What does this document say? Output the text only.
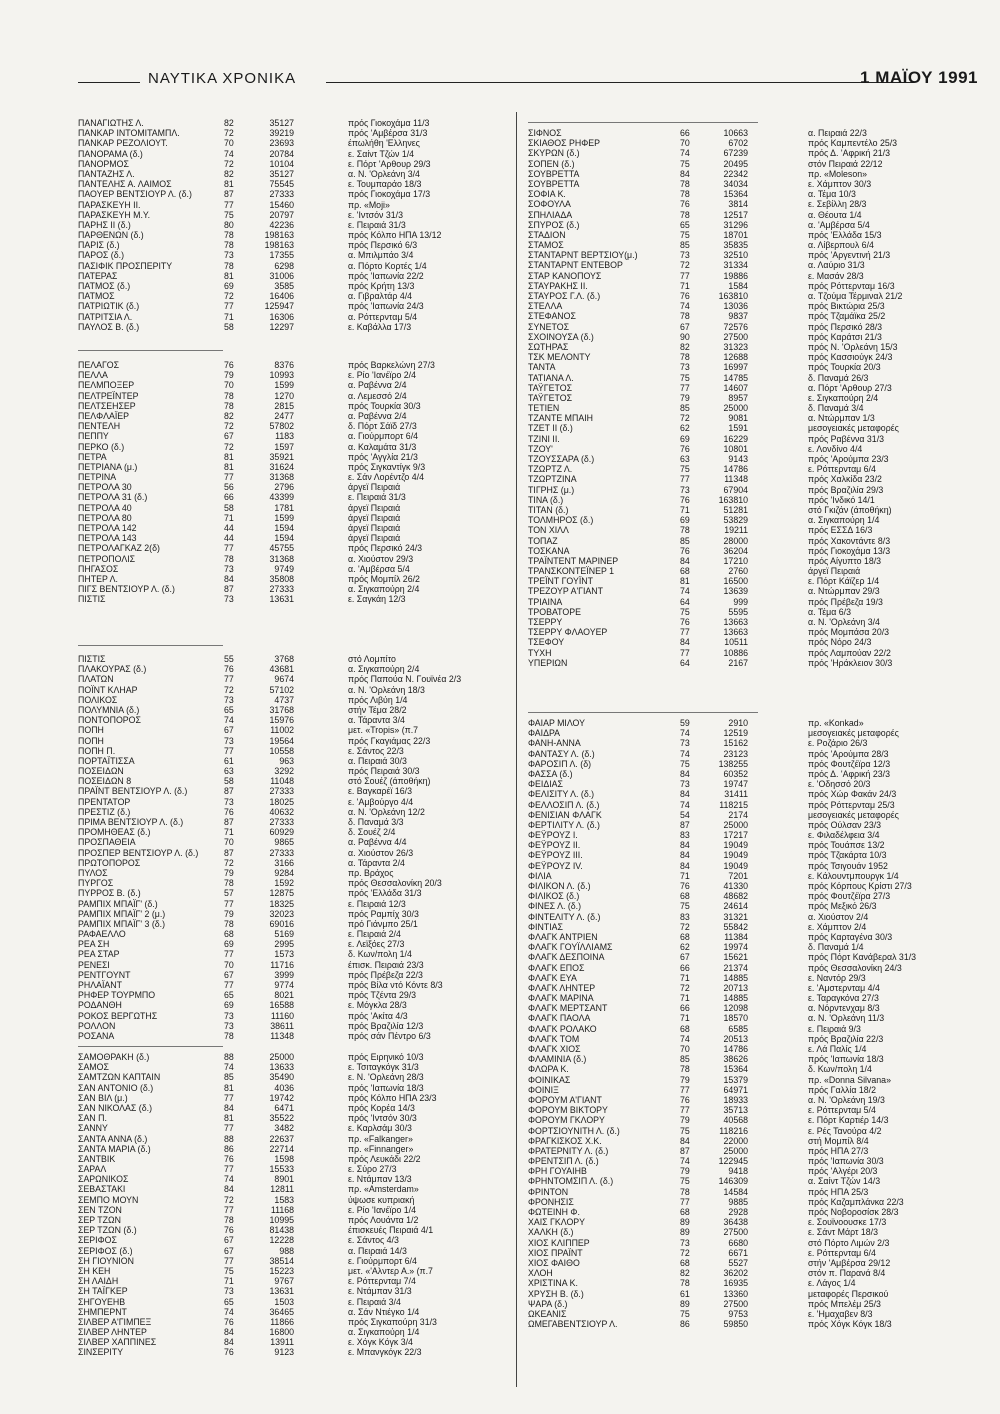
ΝΑΥΤΙΚΑ ΧΡΟΝΙΚΑ	1 ΜΑΪΟΥ 1991
ΠΑΝΑΓΙΩΤΗΣ Λ.	82	35127	πρός Γιοκοχάμα 11/3
ΠΑΝΚΑΡ ΙΝΤΟΜΙΤΑΜΠΛ.	72	39219	πρός 'Αμβέρσα 31/3
ΠΑΝΚΑΡ ΡΕΖΟΛΙΟΥΤ.	70	23693	έπωλήθη 'Ελληνες
ΠΑΝΟΡΑΜΑ (δ.)	74	20784	ε. Σαίντ Τζών 1/4
ΠΑΝΟΡΜΟΣ	72	10104	ε. Πόρτ 'Αρθουρ 29/3
ΠΑΝΤΑΖΗΣ Λ.	82	35127	α. Ν. 'Ορλεάνη 3/4
ΠΑΝΤΕΛΗΣ Α. ΛΑΙΜΟΣ	81	75545	ε. Τουμπαράο 18/3
ΠΑΟΥΕΡ ΒΕΝΤΣΙΟΥΡ Λ. (δ.)	87	27333	πρός Γιοκοχάμα 17/3
ΠΑΡΑΣΚΕΥΗ ΙΙ.	77	15460	πρ. «Moji»
ΠΑΡΑΣΚΕΥΗ Μ.Υ.	75	20797	ε. 'Ιντσόν 31/3
ΠΑΡΗΣ ΙΙ (δ.)	80	42236	ε. Πειραιά 31/3
ΠΑΡΘΕΝΩΝ (δ.)	78	198163	πρός Κόλπο ΗΠΑ 13/12
ΠΑΡΙΣ (δ.)	78	198163	πρός Περσικό 6/3
ΠΑΡΟΣ (δ.)	73	17355	α. Μπιλμπάο 3/4
ΠΑΣΙΦΙΚ ΠΡΟΣΠΕΡΙΤΥ	78	6298	α. Πόρτο Κορτές 1/4
ΠΑΤΕΡΑΣ	81	31006	πρός 'Ιαπωνία 22/2
ΠΑΤΜΟΣ (δ.)	69	3585	πρός Κρήτη 13/3
ΠΑΤΜΟΣ	72	16406	α. Γιβραλτάρ 4/4
ΠΑΤΡΙΩΤΙΚ (δ.)	77	125947	πρός 'Ιαπωνία 24/3
ΠΑΤΡΙΤΣΙΑ Λ.	71	16306	α. Ρόττερνταμ 5/4
ΠΑΥΛΟΣ Β. (δ.)	58	12297	ε. Καβάλλα 17/3
ΠΕΛΑΓΟΣ	76	8376	πρός Βαρκελώνη 27/3
ΠΕΛΛΑ	79	10993	ε. Ρίο 'Ιανέϊρο 2/4
ΠΕΛΜΠΟΞΕΡ	70	1599	α. Ραβέννα 2/4
ΠΕΛΤΡΕΪΝΤΕΡ	78	1270	α. Λεμεσσό 2/4
ΠΕΛΤΣΕΗΣΕΡ	78	2815	πρός Τουρκία 30/3
ΠΕΛΦΛΑΪΕΡ	82	2477	α. Ραβέννα 2/4
ΠΕΝΤΕΛΗ	72	57802	δ. Πόρτ Σάϊδ 27/3
ΠΕΠΠΥ	67	1183	α. Γιούρμπορτ 6/4
ΠΕΡΚΟ (δ.)	72	1597	α. Καλαμάτα 31/3
ΠΕΤΡΑ	81	35921	πρός 'Αγγλία 21/3
ΠΕΤΡΙΑΝΑ (μ.)	81	31624	πρός Σιγκαντίγκ 9/3
ΠΕΤΡΙΝΑ	77	31368	ε. Σάν Λορέντζο 4/4
ΠΕΤΡΟΛΑ 30	56	2796	άργεϊ Πειραιά
ΠΕΤΡΟΛΑ 31 (δ.)	66	43399	ε. Πειραιά 31/3
ΠΕΤΡΟΛΑ 40	58	1781	άργεϊ Πειραιά
ΠΕΤΡΟΛΑ 80	71	1599	άργεϊ Πειραιά
ΠΕΤΡΟΛΑ 142	44	1594	άργεϊ Πειραιά
ΠΕΤΡΟΛΑ 143	44	1594	άργεϊ Πειραιά
ΠΕΤΡΟΛΑΓΚΑΖ 2(δ)	77	45755	πρός Περσικό 24/3
ΠΕΤΡΟΠΟΛΙΣ	78	31368	α. Χιούστον 29/3
ΠΗΓΑΣΟΣ	73	9749	α. 'Αμβέρσα 5/4
ΠΗΤΕΡ Λ.	84	35808	πρός Μομπίλ 26/2
ΠΙΓΣ ΒΕΝΤΣΙΟΥΡ Λ. (δ.)	87	27333	α. Σιγκαπούρη 2/4
ΠΙΣΤΙΣ	73	13631	ε. Σαγκάη 12/3
ΠΙΣΤΙΣ	55	3768	στό Λομπίτο
ΠΛΑΚΟΥΡΑΣ (δ.)	76	43681	α. Σιγκαπούρη 2/4
ΠΛΑΤΩΝ	77	9674	πρός Παπούα Ν. Γουϊνέα 2/3
ΠΟΪΝΤ ΚΛΗΑΡ	72	57102	α. Ν. 'Ορλεάνη 18/3
ΠΟΛΙΚΟΣ	73	4737	πρός Λιβύη 1/4
ΠΟΛΥΜΝΙΑ (δ.)	65	31768	στήν Τέμα 28/2
ΠΟΝΤΟΠΟΡΟΣ	74	15976	α. Τάραντα 3/4
ΠΟΠΗ	67	11002	μετ. «Tropis» (π.7
ΠΟΠΗ	73	19564	πρός Γκαγιάμας 22/3
ΠΟΠΗ Π.	77	10558	ε. Σάντος 22/3
ΠΟΡΤΑΪΤΙΣΣΑ	61	963	α. Πειραιά 30/3
ΠΟΣΕΙΔΩΝ	63	3292	πρός Πειραιά 30/3
ΠΟΣΕΙΔΩΝ 8	58	11048	στό Σουέζ (άποθήκη)
ΠΡΑΪΝΤ ΒΕΝΤΣΙΟΥΡ Λ. (δ.)	87	27333	ε. Βαγκαρέϊ 16/3
ΠΡΕΝΤΑΤΟΡ	73	18025	ε. 'Αμβούργο 4/4
ΠΡΕΣΤΙΖ (δ.)	76	40632	α. Ν. 'Ορλεάνη 12/2
ΠΡΙΜΑ ΒΕΝΤΣΙΟΥΡ Λ. (δ.)	87	27333	δ. Παναμά 3/3
ΠΡΟΜΗΘΕΑΣ (δ.)	71	60929	δ. Σουέζ 2/4
ΠΡΟΣΠΑΘΕΙΑ	70	9865	α. Ραβέννα 4/4
ΠΡΟΣΠΕΡ ΒΕΝΤΣΙΟΥΡ Λ. (δ.)	87	27333	α. Χιούστον 26/3
ΠΡΩΤΟΠΟΡΟΣ	72	3166	α. Τάραντα 2/4
ΠΥΛΟΣ	79	9284	πρ. Βράχος
ΠΥΡΓΟΣ	78	1592	πρός Θεσσαλονίκη 20/3
ΠΥΡΡΟΣ Β. (δ.)	57	12875	πρός 'Ελλάδα 31/3
ΡΑΜΠΙΧ ΜΠΑΪΓ' (δ.)	77	18325	ε. Πειραιά 12/3
ΡΑΜΠΙΧ ΜΠΑΪΓ' 2 (μ.)	79	32023	πρός Ραμπίχ 30/3
ΡΑΜΠΙΧ ΜΠΑΪΓ' 3 (δ.)	78	69016	πρό Γιάνμπο 25/1
ΡΑΦΑΕΛΛΟ	68	5169	ε. Πειραιά 2/4
ΡΕΑ ΣΗ	69	2995	ε. Λεϊξόες 27/3
ΡΕΑ ΣΤΑΡ	77	1573	δ. Κων/πολη 1/4
ΡΕΝΕΣΙ	70	11716	έπισκ. Πειραιά 23/3
ΡΕΝΤΓΟΥΝΤ	67	3999	πρός Πρέβεζα 22/3
ΡΗΛΑΪΑΝΤ	77	9774	πρός Βίλα ντό Κόντε 8/3
ΡΗΦΕΡ ΤΟΥΡΜΠΟ	65	8021	πρός Τζέντα 29/3
ΡΟΔΑΝΘΗ	69	16588	ε. Μόγκλα 28/3
ΡΟΚΟΣ ΒΕΡΓΩΤΗΣ	73	11160	πρός 'Ακίτα 4/3
ΡΟΛΛΟΝ	73	38611	πρός Βραζιλία 12/3
ΡΟΣΑΝΑ	78	11348	πρός σάν Πέντρο 6/3
ΣΑΜΟΘΡΑΚΗ (δ.)	88	25000	πρός Ειρηνικό 10/3
ΣΑΜΟΣ	74	13633	ε. Τσιταγκόγκ 31/3
ΣΑΜΤΖΩΝ ΚΑΠΤΑΙΝ	85	35490	ε. Ν. 'Ορλεάνη 28/3
ΣΑΝ ΑΝΤΟΝΙΟ (δ.)	81	4036	πρός 'Ιαπωνία 18/3
ΣΑΝ ΒΙΛ (μ.)	77	19742	πρός Κόλπο ΗΠΑ 23/3
ΣΑΝ ΝΙΚΟΛΑΣ (δ.)	84	6471	πρός Κορέα 14/3
ΣΑΝ Π.	81	35522	πρός 'Ιντσόν 30/3
ΣΑΝΝΥ	77	3482	ε. Καρλσάμ 30/3
ΣΑΝΤΑ ΑΝΝΑ (δ.)	88	22637	πρ. «Falkanger»
ΣΑΝΤΑ ΜΑΡΙΑ (δ.)	86	22714	πρ. «Finnanger»
ΣΑΝΤΒΙΚ	76	1598	πρός Λευκάδι 22/2
ΣΑΡΑΛ	77	15533	ε. Σύρο 27/3
ΣΑΡΩΝΙΚΟΣ	74	8901	ε. Ντάμπαν 13/3
ΣΕΒΑΣΤΑΚΙ	84	12811	πρ. «Amsterdam»
ΣΕΜΠΟ ΜΟΥΝ	72	1583	ύψωσε κυπριακή
ΣΕΝ ΤΖΟΝ	77	11168	ε. Ρίο 'Ιανέϊρο 1/4
ΣΕΡ ΤΖΩΝ	78	10995	πρός Λουάντα 1/2
ΣΕΡ ΤΖΩΝ (δ.)	76	81438	έπισκευές Πειραιά 4/1
ΣΕΡΙΦΟΣ	67	12228	ε. Σάντος 4/3
ΣΕΡΙΦΟΣ (δ.)	67	988	α. Πειραιά 14/3
ΣΗ ΓΙΟΥΝΙΟΝ	77	38514	ε. Γιούρμπορτ 6/4
ΣΗ ΚΕΗ	75	15223	μετ. «'Αλντερ Α.» (π.7
ΣΗ ΛΑΙΔΗ	71	9767	ε. Ρόττερνταμ 7/4
ΣΗ ΤΑΪΓΚΕΡ	73	13631	ε. Ντάμπαν 31/3
ΣΗΓΟΥΕΗΒ	65	1503	ε. Πειραιά 3/4
ΣΗΜΠΕΡΝΤ	74	36465	α. Σάν Ντιέγκο 1/4
ΣΙΛΒΕΡ Α'ΓΙΜΠΕΞ	76	11866	πρός Σιγκαπούρη 31/3
ΣΙΛΒΕΡ ΛΗΝΤΕΡ	84	16800	α. Σιγκαπούρη 1/4
ΣΙΛΒΕΡ ΧΑΠΠΙΝΕΣ	84	13911	ε. Χόγκ Κόγκ 3/4
ΣΙΝΣΕΡΙΤΥ	76	9123	ε. Μπανγκόγκ 22/3
ΣΙΦΝΟΣ	66	10663	α. Πειραιά 22/3
ΣΚΙΑΘΟΣ ΡΗΦΕΡ	70	6702	πρός Καμπεντέλο 25/3
ΣΚΥΡΩΝ (δ.)	74	67239	πρός Δ. 'Αφρική 21/3
ΣΟΠΕΝ (δ.)	75	20495	στόν Πειραιά 22/12
ΣΟΥΒΡΕΤΤΑ	84	22342	πρ. «Moleson»
ΣΟΥΒΡΕΤΤΑ	78	34034	ε. Χάμπτον 30/3
ΣΟΦΙΑ Κ.	78	15364	α. Τέμα 10/3
ΣΟΦΟΥΛΑ	76	3814	ε. Σεβίλλη 28/3
ΣΠΗΛΙΑΔΑ	78	12517	α. Θέουτα 1/4
ΣΠΥΡΟΣ (δ.)	65	31296	α. 'Αμβέρσα 5/4
ΣΤΑΔΙΟΝ	75	18701	πρός 'Ελλάδα 15/3
ΣΤΑΜΟΣ	85	35835	α. Λίβερπουλ 6/4
ΣΤΑΝΤΑΡΝΤ ΒΕΡΤΣΙΟΥ(μ.)	73	32510	πρός 'Αργεντινή 21/3
ΣΤΑΝΤΑΡΝΤ ΕΝΤΕΒΟΡ	72	31334	α. Λαύριο 31/3
ΣΤΑΡ ΚΑΝΟΠΟΥΣ	77	19886	ε. Μασάν 28/3
ΣΤΑΥΡΑΚΗΣ ΙΙ.	71	1584	πρός Ρόττερνταμ 16/3
ΣΤΑΥΡΟΣ Γ.Λ. (δ.)	76	163810	α. Τζούμα Τέρμιναλ 21/2
ΣΤΕΛΛΑ	74	13036	πρός Βικτώρια 25/3
ΣΤΕΦΑΝΟΣ	78	9837	πρός Τζαμάϊκα 25/2
ΣΥΝΕΤΟΣ	67	72576	πρός Περσικό 28/3
ΣΧΟΙΝΟΥΣΑ (δ.)	90	27500	πρός Καράτσι 21/3
ΣΩΤΗΡΑΣ	82	31323	πρός Ν. 'Ορλεάνη 15/3
ΤΣΚ ΜΕΛΟΝΤΥ	78	12688	πρός Κασσιούγκ 24/3
ΤΑΝΤΑ	73	16997	πρός Τουρκία 20/3
ΤΑΤΙΑΝΑ Λ.	75	14785	δ. Παναμά 26/3
ΤΑΫΓΕΤΟΣ	77	14607	α. Πόρτ 'Αρθουρ 27/3
ΤΑΫΓΕΤΟΣ	79	8957	ε. Σιγκαπούρη 2/4
ΤΕΤΙΕΝ	85	25000	δ. Παναμά 3/4
ΤΖΑΝΤΕ ΜΠΑΙΗ	72	9081	α. Ντώρμπαν 1/3
ΤΖΕΤ ΙΙ (δ.)	62	1591	μεσογειακές μεταφορές
ΤΖΙΝΙ ΙΙ.	69	16229	πρός Ραβέννα 31/3
ΤΖΟΥ'	76	10801	ε. Λονδίνο 4/4
ΤΖΟΥΣΣΑΡΑ (δ.)	63	9143	πρός 'Αρούμπα 23/3
ΤΖΩΡΤΖ Λ.	75	14786	ε. Ρόττερνταμ 6/4
ΤΖΩΡΤΖΙΝΑ	77	11348	πρός Χαλκίδα 23/2
ΤΙΓΡΗΣ (μ.)	73	67904	πρός Βραζιλία 29/3
ΤΙΝΑ (δ.)	76	163810	πρός 'Ινδικό 14/1
ΤΙΤΑΝ (δ.)	71	51281	στό Γκιζάν (άποθήκη)
ΤΟΛΜΗΡΟΣ (δ.)	69	53829	α. Σιγκαπούρη 1/4
ΤΟΝ ΧΙΛΛ	78	19211	πρός ΕΣΣΔ 16/3
ΤΟΠΑΖ	85	28000	πρός Χακοντάντε 8/3
ΤΟΣΚΑΝΑ	76	36204	πρός Γιοκοχάμα 13/3
ΤΡΑΪΝΤΕΝΤ ΜΑΡΙΝΕΡ	84	17210	πρός Αίγυπτο 18/3
ΤΡΑΝΣΚΟΝΤΕΪΝΕΡ 1	68	2760	άργεϊ Πειραιά
ΤΡΕΪΝΤ ΓΟΥΪΝΤ	81	16500	ε. Πόρτ Κάϊζερ 1/4
ΤΡΕΖΟΥΡ Α'ΓΙΑΝΤ	74	13639	α. Ντώρμπαν 29/3
ΤΡΙΑΙΝΑ	64	999	πρός Πρέβεζα 19/3
ΤΡΟΒΑΤΟΡΕ	75	5595	α. Τέμα 6/3
ΤΣΕΡΡΥ	76	13663	α. Ν. 'Ορλεάνη 3/4
ΤΣΕΡΡΥ ΦΛΑΟΥΕΡ	77	13663	πρός Μομπάσα 20/3
ΤΣΕΦΟΥ	84	10511	πρός Νόρο 24/3
ΤΥΧΗ	77	10886	πρός Λαμπούαν 22/2
ΥΠΕΡΙΩΝ	64	2167	πρός 'Ηράκλειον 30/3
ΦΑΙΑΡ ΜΙΛΟΥ	59	2910	πρ. «Konkad»
ΦΑΙΔΡΑ	74	12519	μεσογειακές μεταφορές
ΦΑΝΗ-ΑΝΝΑ	73	15162	ε. Ροζάριο 26/3
ΦΑΝΤΑΣΥ Λ. (δ.)	74	23123	πρός 'Αρούμπα 28/3
ΦΑΡΟΣΙΠ Λ. (δ)	75	138255	πρός Φουτζέϊρα 12/3
ΦΑΣΣΑ (δ.)	84	60352	πρός Δ. 'Αφρική 23/3
ΦΕΙΔΙΑΣ	73	19747	ε. 'Οδησσό 20/3
ΦΕΛΙΣΙΤΥ Λ. (δ.)	84	31411	πρός Χώρ Φακάν 24/3
ΦΕΛΛΟΣΙΠ Λ. (δ.)	74	118215	πρός Ρόττερνταμ 25/3
ΦΕΝΙΣΙΑΝ ΦΛΑΓΚ	54	2174	μεσογειακές μεταφορές
ΦΕΡΤΙΛΙΤΥ Λ. (δ.)	87	25000	πρός Ούλσαν 23/3
ΦΕΫΡΟΥΖ Ι.	83	17217	ε. Φιλαδέλφεια 3/4
ΦΕΫΡΟΥΖ ΙΙ.	84	19049	πρός Τουάπσε 13/2
ΦΕΫΡΟΥΖ ΙΙΙ.	84	19049	πρός Τζακάρτα 10/3
ΦΕΫΡΟΥΖ ΙV.	84	19049	πρός Τσιγουάν 1952
ΦΙΛΙΑ	71	7201	ε. Κάλουντμπουργκ 1/4
ΦΙΛΙΚΟΝ Λ. (δ.)	76	41330	πρός Κόρπους Κρίστι 27/3
ΦΙΛΙΚΟΣ (δ.)	68	48682	πρός Φουτζέϊρα 27/3
ΦΙΝΕΣ Λ. (δ.)	75	24614	πρός Μεξικό 26/3
ΦΙΝΤΕΛΙΤΥ Λ. (δ.)	83	31321	α. Χιούστον 2/4
ΦΙΝΤΙΑΣ	72	55842	ε. Χάμπτον 2/4
ΦΛΑΓΚ ΑΝΤΡΙΕΝ	68	11384	πρός Καρταγένα 30/3
ΦΛΑΓΚ ΓΟΥΪΛΛΙΑΜΣ	62	19974	δ. Παναμά 1/4
ΦΛΑΓΚ ΔΕΣΠΟΙΝΑ	67	15621	πρός Πόρτ Κανάβεραλ 31/3
ΦΛΑΓΚ ΕΠΟΣ	66	21374	πρός Θεσσαλονίκη 24/3
ΦΛΑΓΚ ΕΥΑ	71	14885	ε. Ναντόρ 29/3
ΦΛΑΓΚ ΛΗΝΤΕΡ	72	20713	ε. 'Αμστερνταμ 4/4
ΦΛΑΓΚ ΜΑΡΙΝΑ	71	14885	ε. Ταραγκόνα 27/3
ΦΛΑΓΚ ΜΕΡΤΣΑΝΤ	66	12098	α. Νόρντενχαμ 8/3
ΦΛΑΓΚ ΠΑΟΛΑ	71	18570	α. Ν. 'Ορλεάνη 11/3
ΦΛΑΓΚ ΡΟΛΑΚΟ	68	6585	ε. Πειραιά 9/3
ΦΛΑΓΚ ΤΟΜ	74	20513	πρός Βραζιλία 22/3
ΦΛΑΓΚ ΧΙΟΣ	70	14786	ε. Λά Παλίς 1/4
ΦΛΑΜΙΝΙΑ (δ.)	85	38626	πρός 'Ιαπωνία 18/3
ΦΛΩΡΑ Κ.	78	15364	δ. Κων/πολη 1/4
ΦΟΙΝΙΚΑΣ	79	15379	πρ. «Donna Silvana»
ΦΟΙΝΙΞ	77	64971	πρός Γαλλία 18/2
ΦΟΡΟΥΜ Α'ΓΙΑΝΤ	76	18933	α. Ν. 'Ορλεάνη 19/3
ΦΟΡΟΥΜ ΒΙΚΤΟΡΥ	77	35713	ε. Ρόττερνταμ 5/4
ΦΟΡΟΥΜ ΓΚΛΟΡΥ	79	40568	ε. Πόρτ Καρτιέρ 14/3
ΦΟΡΤΣΙΟΥΝΙΤΗ Λ. (δ.)	75	118216	ε. Ρές Τανούρα 4/2
ΦΡΑΓΚΙΣΚΟΣ Χ.Κ.	84	22000	στή Μομπίλ 8/4
ΦΡΑΤΕΡΝΙΤΥ Λ. (δ.)	87	25000	πρός ΗΠΑ 27/3
ΦΡΕΝΤΣΙΠ Λ. (δ.)	74	122945	πρός 'Ιαπωνία 30/3
ΦΡΗ ΓΟΥΑΙΗΒ	79	9418	πρός 'Αλγέρι 20/3
ΦΡΗΝΤΟΜΣΙΠ Λ. (δ.)	75	146309	α. Σαίντ Τζών 14/3
ΦΡΙΝΤΟΝ	78	14584	πρός ΗΠΑ 25/3
ΦΡΟΝΗΣΙΣ	77	9885	πρός Καζαμπλάνκα 22/3
ΦΩΤΕΙΝΗ Φ.	68	2928	πρός Νοβοροσίσκ 28/3
ΧΑΙΣ ΓΚΛΟΡΥ	89	36438	ε. Σουϊνοουσκε 17/3
ΧΑΛΚΗ (δ.)	89	27500	ε. Σάντ Μάρτ 18/3
ΧΙΟΣ ΚΛΙΠΠΕΡ	73	6680	στό Πόρτο Λιμών 2/3
ΧΙΟΣ ΠΡΑΪΝΤ	72	6671	ε. Ρόττερνταμ 6/4
ΧΙΟΣ ΦΑΙΘΟ	68	5527	στήν 'Αμβέρσα 29/12
ΧΛΟΗ	82	36202	στόν π. Παρανά 8/4
ΧΡΙΣΤΙΝΑ Κ.	78	16935	ε. Λάγος 1/4
ΧΡΥΣΗ Β. (δ.)	61	13360	μεταφορές Περσικού
ΨΑΡΑ (δ.)	89	27500	πρός Μπελέμ 25/3
ΩΚΕΑΝΙΣ	75	9753	ε. 'Ημαχαβεν 8/3
ΩΜΕΓΑΒΕΝΤΣΙΟΥΡ Λ.	86	59850	πρός Χόγκ Κόγκ 18/3
